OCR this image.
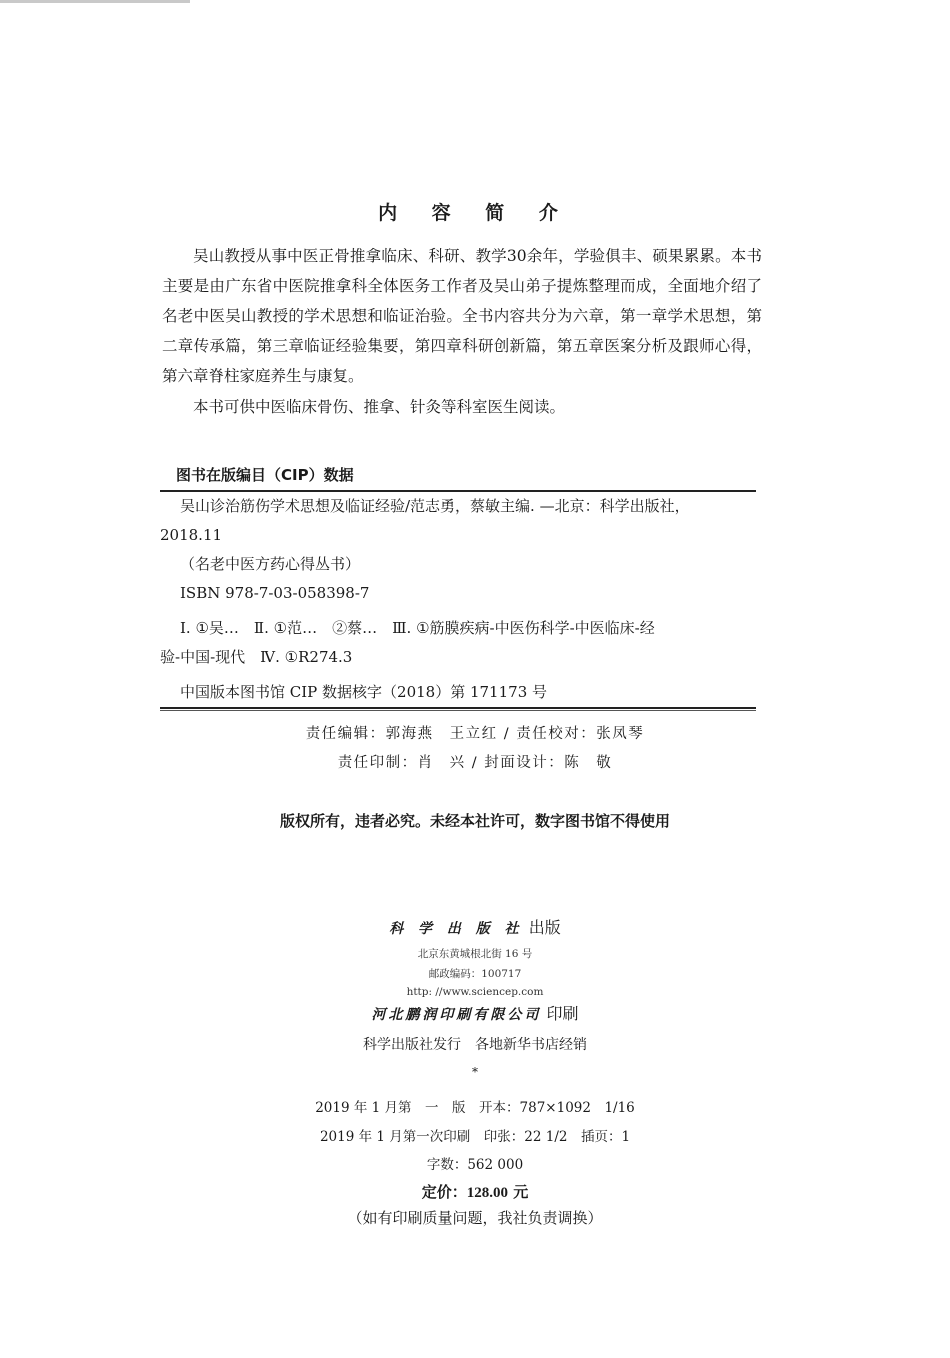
内 容 简 介

吴山教授从事中医正骨推拿临床、科研、教学30余年，学验俱丰、硕果累累。本书主要是由广东省中医院推拿科全体医务工作者及吴山弟子提炼整理而成，全面地介绍了名老中医吴山教授的学术思想和临证治验。全书内容共分为六章，第一章学术思想，第二章传承篇，第三章临证经验集要，第四章科研创新篇，第五章医案分析及跟师心得，第六章脊柱家庭养生与康复。

本书可供中医临床骨伤、推拿、针灸等科室医生阅读。

图书在版编目（CIP）数据
吴山诊治筋伤学术思想及临证经验/范志勇，蔡敏主编. —北京：科学出版社，
2018.11
（名老中医方药心得丛书）
ISBN 978-7-03-058398-7
Ⅰ. ①吴…　Ⅱ. ①范…　②蔡…　Ⅲ. ①筋膜疾病-中医伤科学-中医临床-经
验-中国-现代　Ⅳ. ①R274.3
中国版本图书馆 CIP 数据核字（2018）第 171173 号
责任编辑：郭海燕　王立红 / 责任校对：张凤琴
责任印制：肖　兴 / 封面设计：陈　敬
版权所有，违者必究。未经本社许可，数字图书馆不得使用
科 学 出 版 社 出版
北京东黄城根北街 16 号
邮政编码：100717
http: //www.sciencep.com
河北鹏润印刷有限公司 印刷
科学出版社发行　各地新华书店经销
*
2019 年 1 月第　一　版　开本：787×1092　1/16
2019 年 1 月第一次印刷　印张：22 1/2　插页：1
字数：562 000
定价：128.00 元
（如有印刷质量问题，我社负责调换）
